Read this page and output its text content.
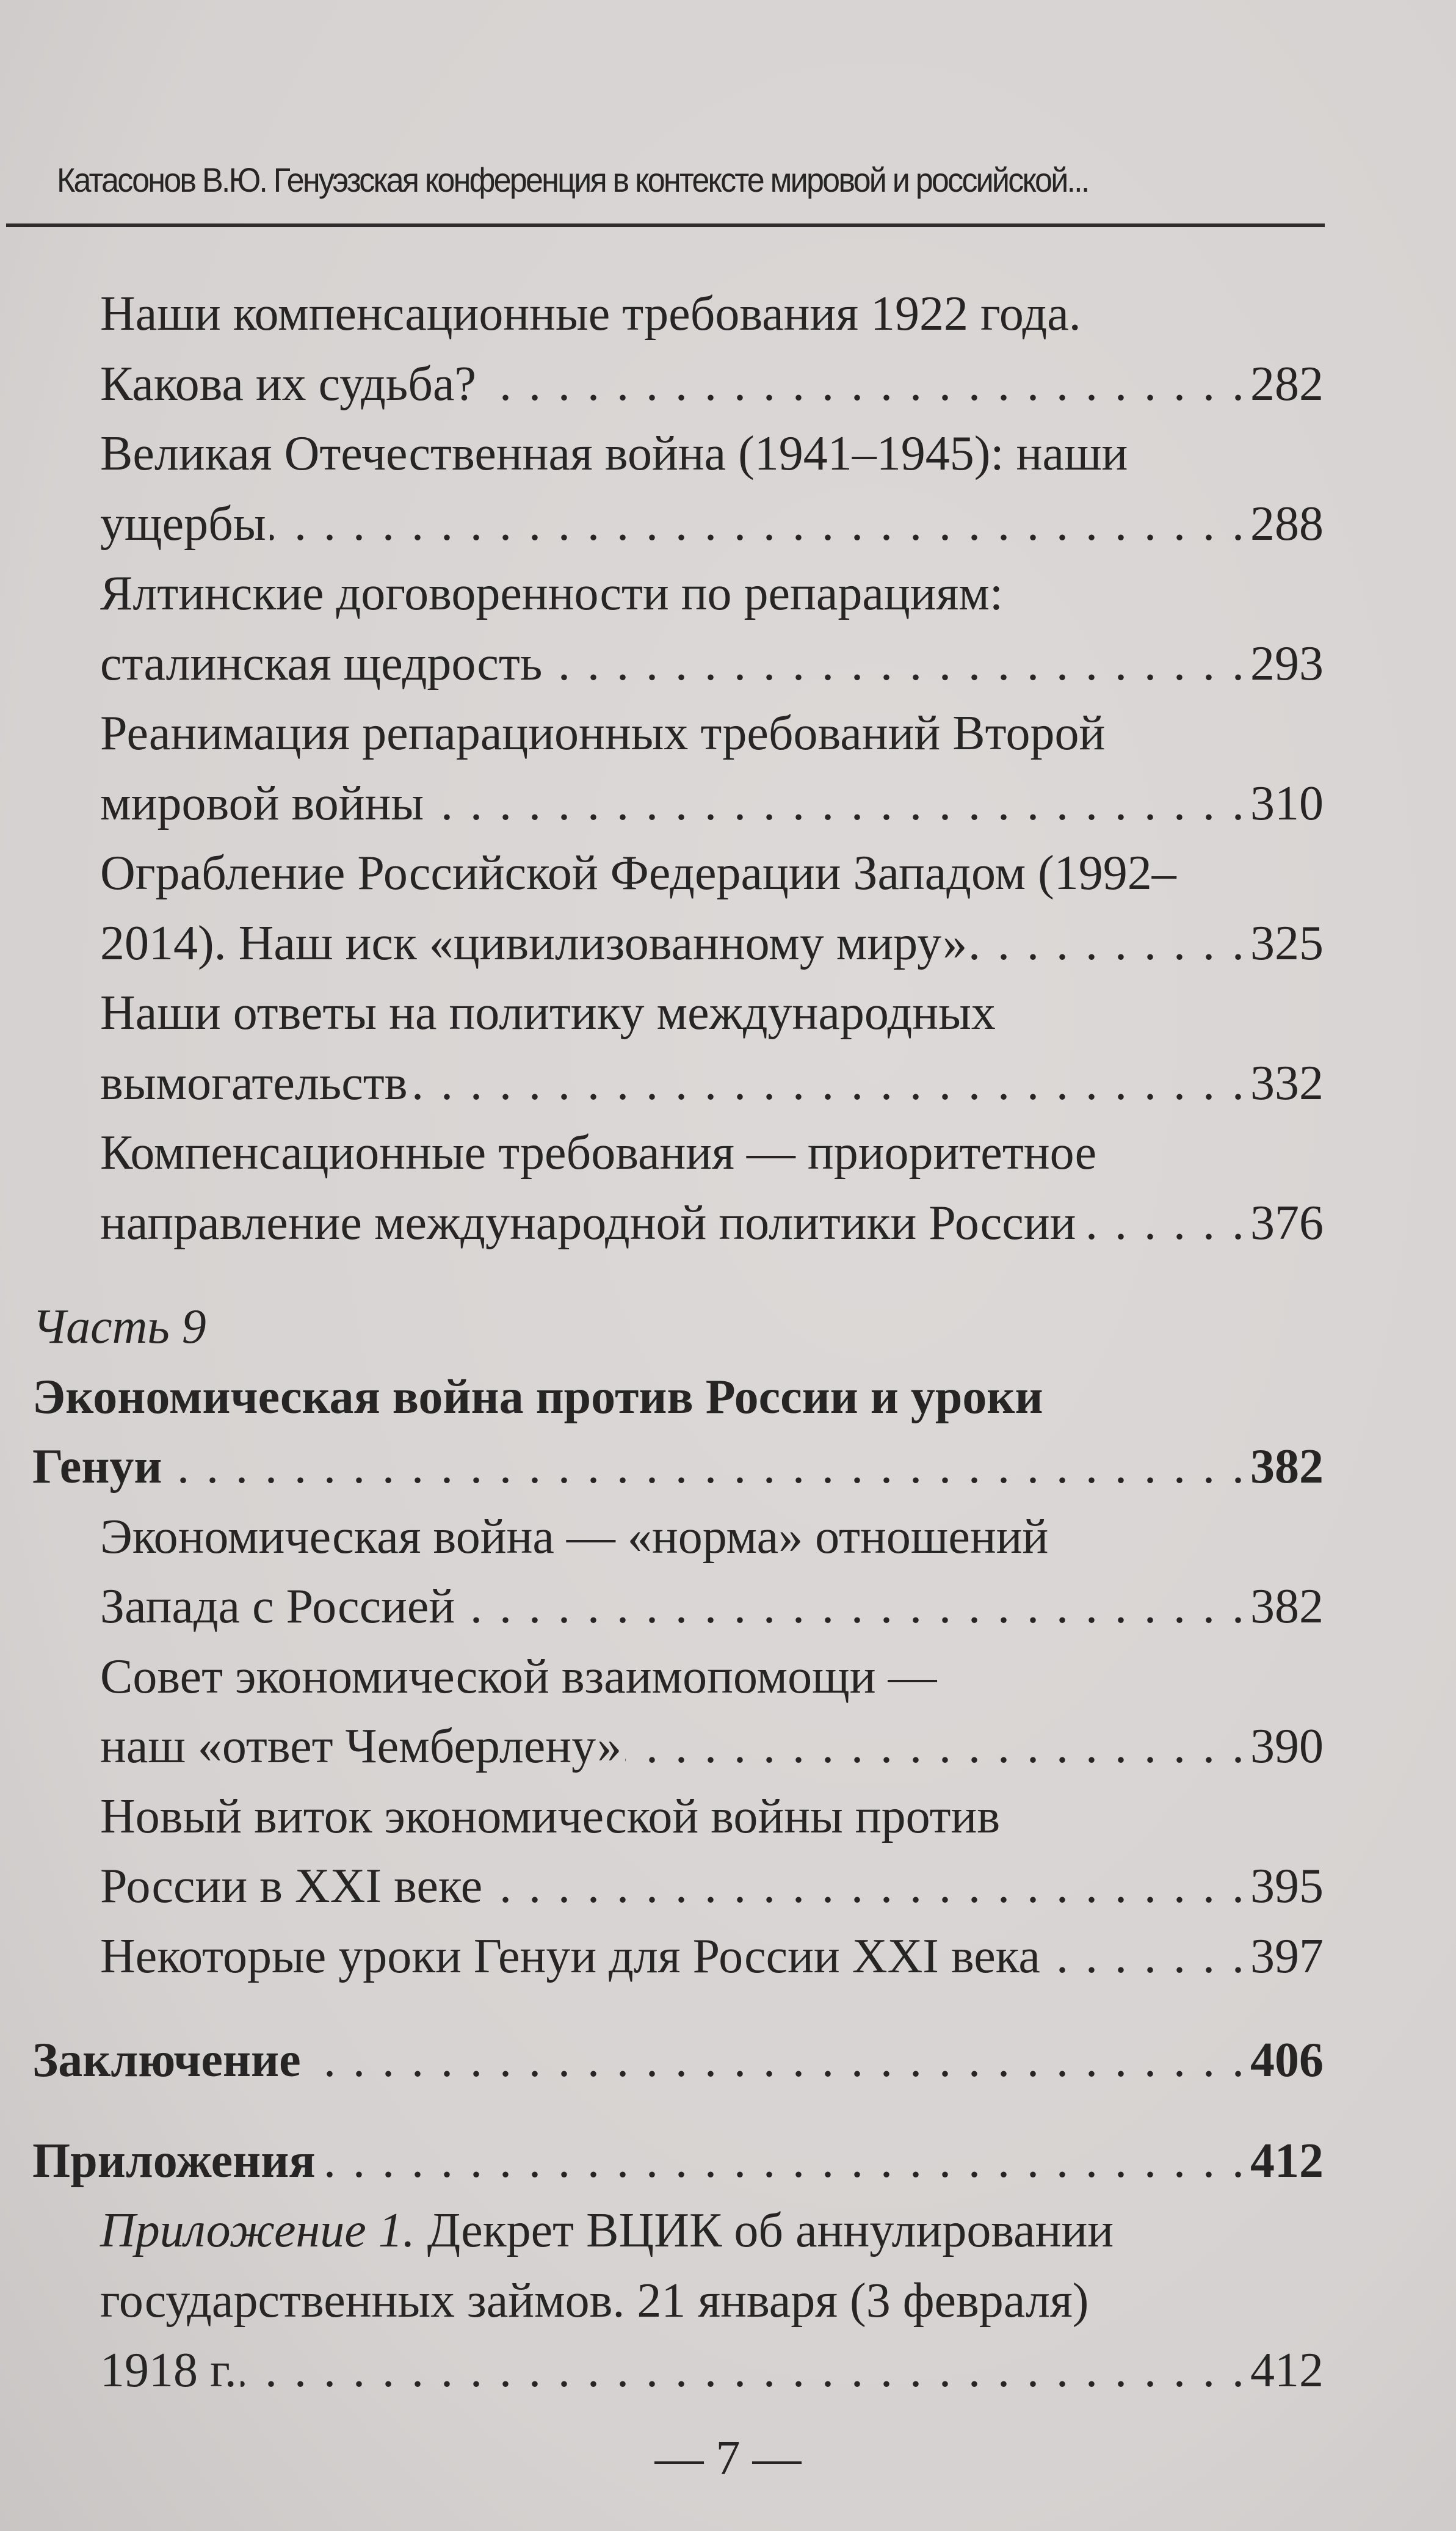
Катасонов В.Ю. Генуэзская конференция в контексте мировой и российской...
Наши компенсационные требования 1922 года.
Какова их судьба? . . .	282
Великая Отечественная война (1941–1945): наши
ущербы . . .	288
Ялтинские договоренности по репарациям:
сталинская щедрость . . .	293
Реанимация репарационных требований Второй
мировой войны . . .	310
Ограбление Российской Федерации Западом (1992–
2014). Наш иск «цивилизованному миру» . . .	325
Наши ответы на политику международных
вымогательств . . .	332
Компенсационные требования — приоритетное
направление международной политики России . . .	376
Часть 9
Экономическая война против России и уроки
Генуи . . .	382
Экономическая война — «норма» отношений
Запада с Россией . . .	382
Совет экономической взаимопомощи —
наш «ответ Чемберлену» . . .	390
Новый виток экономической войны против
России в XXI веке . . .	395
Некоторые уроки Генуи для России XXI века . . .	397
Заключение . . .	406
Приложения . . .	412
Приложение 1.
Декрет ВЦИК об аннулировании
государственных займов. 21 января (3 февраля)
1918 г. . . .	412
— 7 —
